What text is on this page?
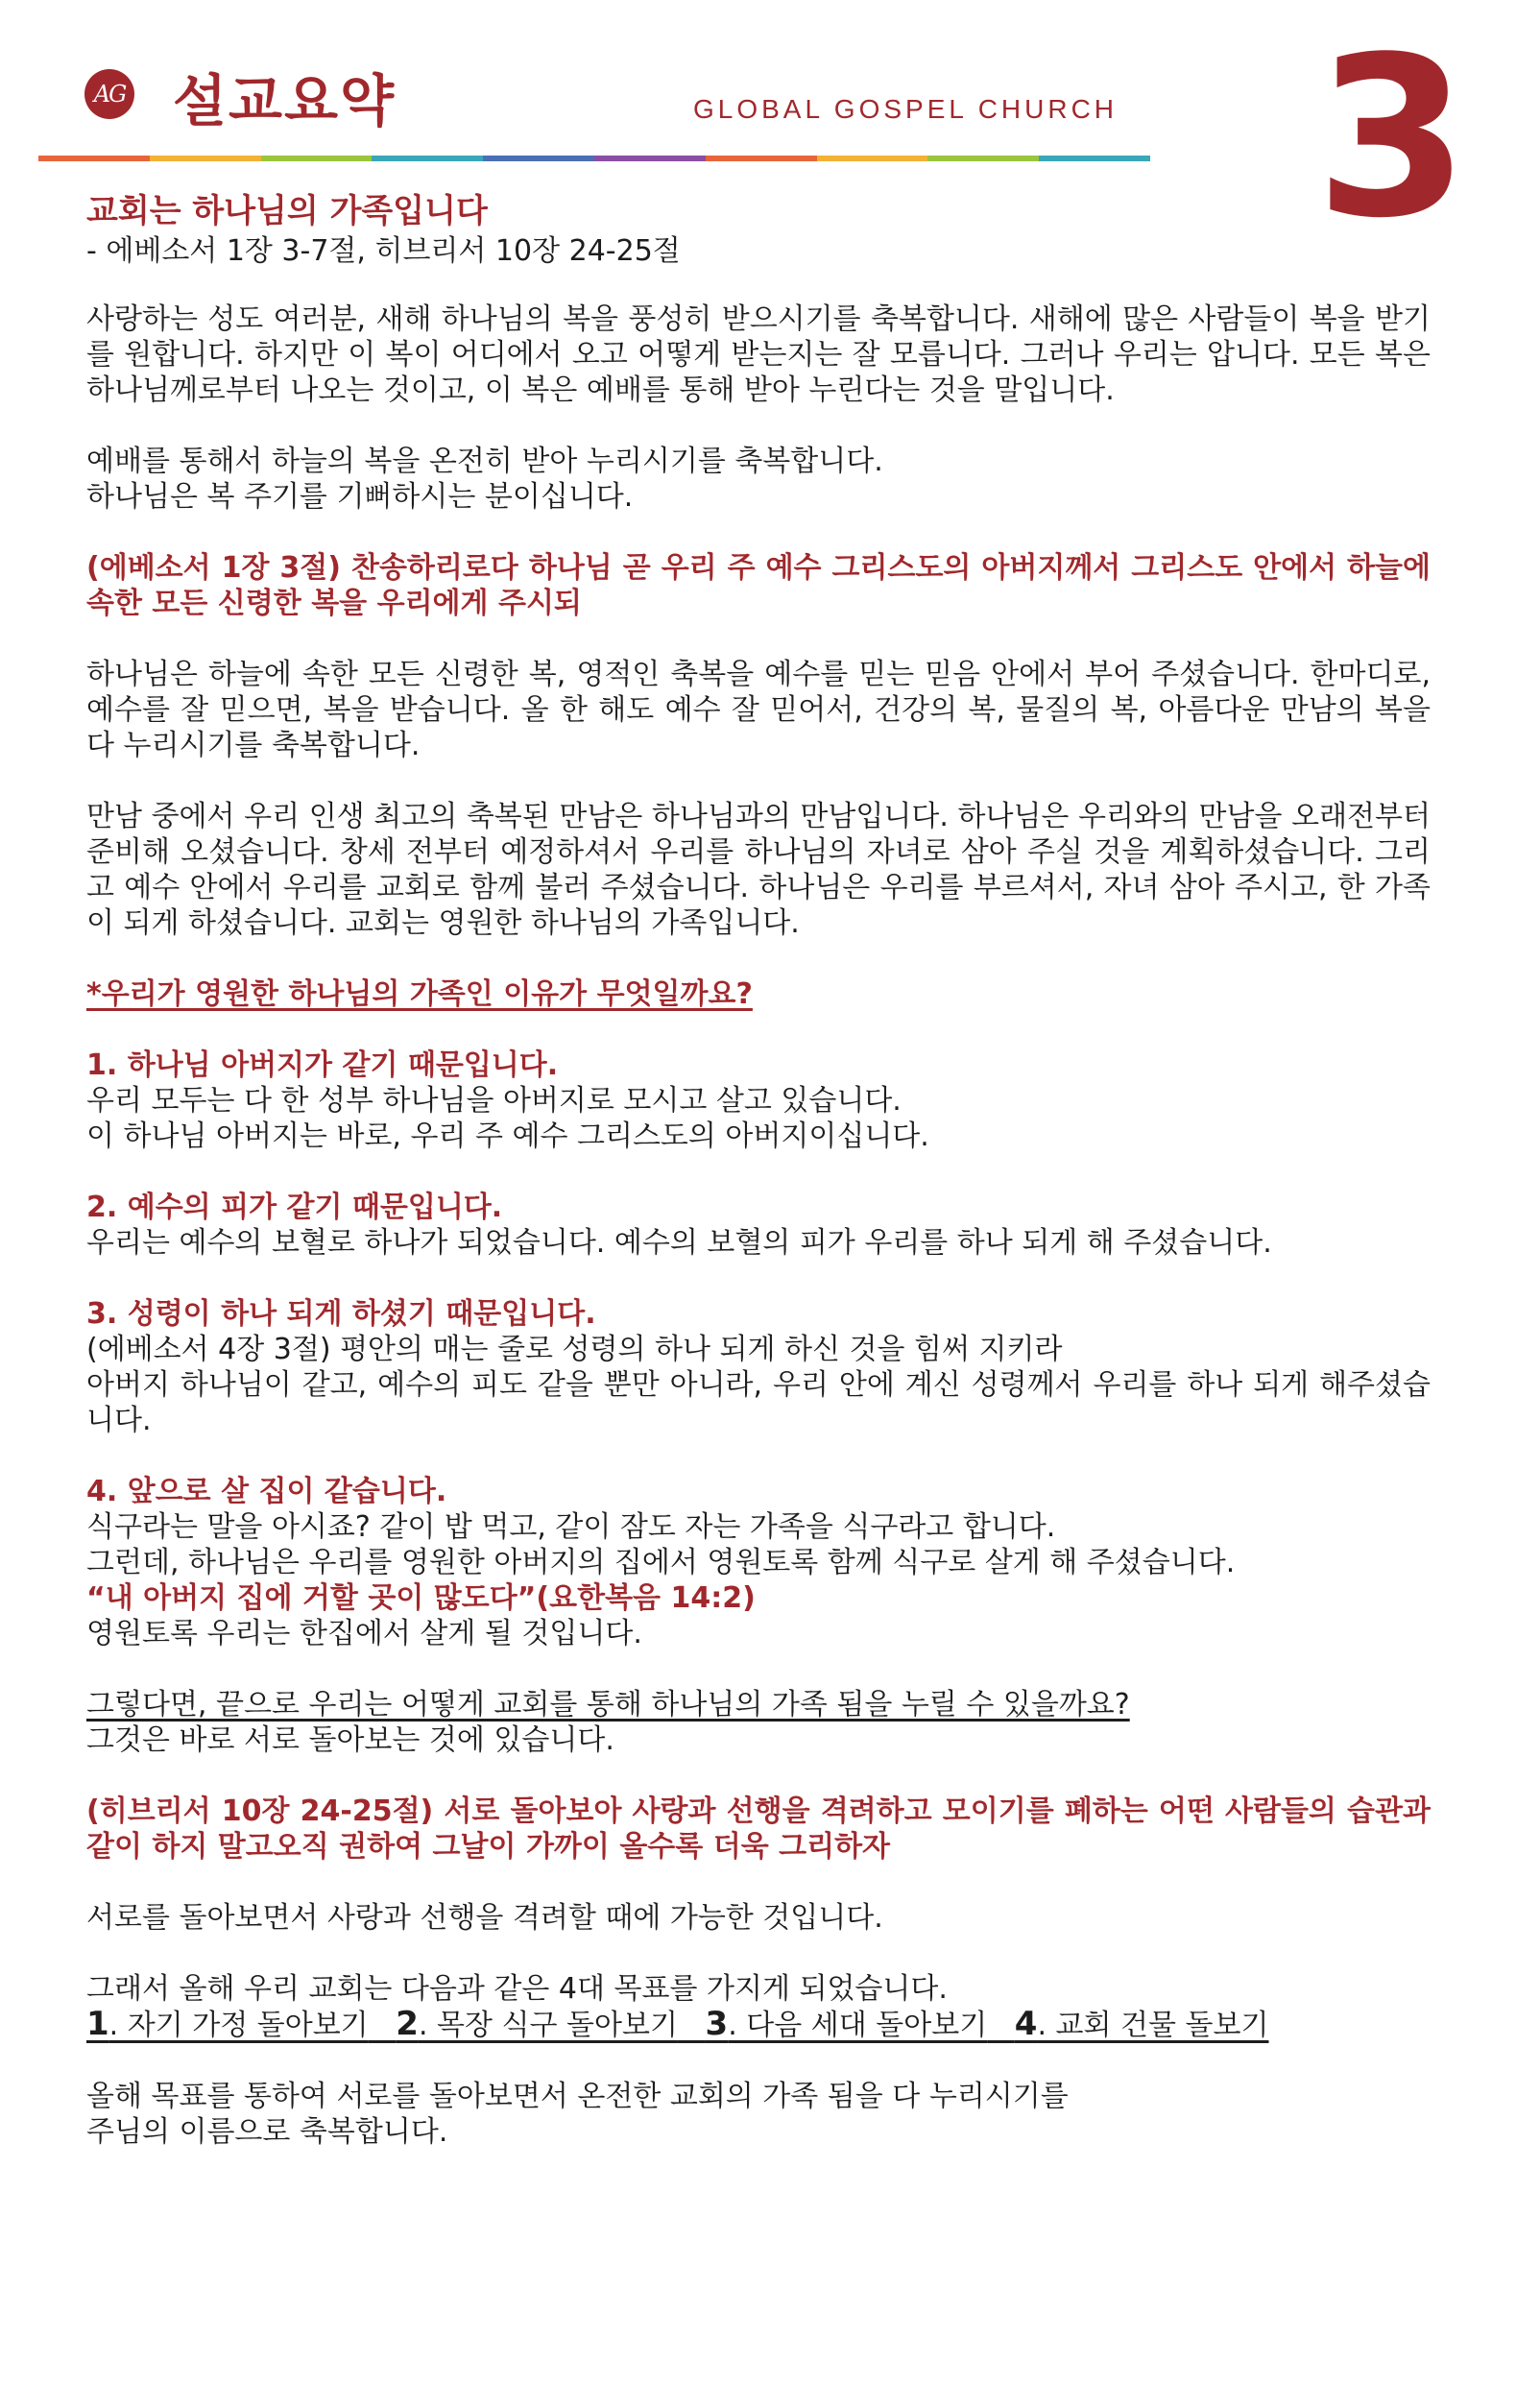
AG 설교요약	GLOBAL GOSPEL CHURCH 3
교회는 하나님의 가족입니다
- 에베소서 1장 3-7절, 히브리서 10장 24-25절

사랑하는 성도 여러분, 새해 하나님의 복을 풍성히 받으시기를 축복합니다. 새해에 많은 사람들이 복을 받기를 원합니다. 하지만 이 복이 어디에서 오고 어떻게 받는지는 잘 모릅니다. 그러나 우리는 압니다. 모든 복은 하나님께로부터 나오는 것이고, 이 복은 예배를 통해 받아 누린다는 것을 말입니다.

예배를 통해서 하늘의 복을 온전히 받아 누리시기를 축복합니다.

하나님은 복 주기를 기뻐하시는 분이십니다.

(에베소서 1장 3절) 찬송하리로다 하나님 곧 우리 주 예수 그리스도의 아버지께서 그리스도 안에서 하늘에 속한 모든 신령한 복을 우리에게 주시되

하나님은 하늘에 속한 모든 신령한 복, 영적인 축복을 예수를 믿는 믿음 안에서 부어 주셨습니다. 한마디로, 예수를 잘 믿으면, 복을 받습니다. 올 한 해도 예수 잘 믿어서, 건강의 복, 물질의 복, 아름다운 만남의 복을 다 누리시기를 축복합니다.

만남 중에서 우리 인생 최고의 축복된 만남은 하나님과의 만남입니다. 하나님은 우리와의 만남을 오래전부터 준비해 오셨습니다. 창세 전부터 예정하셔서 우리를 하나님의 자녀로 삼아 주실 것을 계획하셨습니다. 그리고 예수 안에서 우리를 교회로 함께 불러 주셨습니다. 하나님은 우리를 부르셔서, 자녀 삼아 주시고, 한 가족이 되게 하셨습니다. 교회는 영원한 하나님의 가족입니다.

*우리가 영원한 하나님의 가족인 이유가 무엇일까요?

1. 하나님 아버지가 같기 때문입니다.

우리 모두는 다 한 성부 하나님을 아버지로 모시고 살고 있습니다.

이 하나님 아버지는 바로, 우리 주 예수 그리스도의 아버지이십니다.

2. 예수의 피가 같기 때문입니다.

우리는 예수의 보혈로 하나가 되었습니다. 예수의 보혈의 피가 우리를 하나 되게 해 주셨습니다.

3. 성령이 하나 되게 하셨기 때문입니다.

(에베소서 4장 3절) 평안의 매는 줄로 성령의 하나 되게 하신 것을 힘써 지키라

아버지 하나님이 같고, 예수의 피도 같을 뿐만 아니라, 우리 안에 계신 성령께서 우리를 하나 되게 해주셨습니다.

4. 앞으로 살 집이 같습니다.

식구라는 말을 아시죠? 같이 밥 먹고, 같이 잠도 자는 가족을 식구라고 합니다.

그런데, 하나님은 우리를 영원한 아버지의 집에서 영원토록 함께 식구로 살게 해 주셨습니다.

“내 아버지 집에 거할 곳이 많도다”(요한복음 14:2)

영원토록 우리는 한집에서 살게 될 것입니다.

그렇다면, 끝으로 우리는 어떻게 교회를 통해 하나님의 가족 됨을 누릴 수 있을까요?

그것은 바로 서로 돌아보는 것에 있습니다.

(히브리서 10장 24-25절) 서로 돌아보아 사랑과 선행을 격려하고 모이기를 폐하는 어떤 사람들의 습관과 같이 하지 말고오직 권하여 그날이 가까이 올수록 더욱 그리하자

서로를 돌아보면서 사랑과 선행을 격려할 때에 가능한 것입니다.

그래서 올해 우리 교회는 다음과 같은 4대 목표를 가지게 되었습니다.

1. 자기 가정 돌아보기 2. 목장 식구 돌아보기 3. 다음 세대 돌아보기 4. 교회 건물 돌보기

올해 목표를 통하여 서로를 돌아보면서 온전한 교회의 가족 됨을 다 누리시기를

주님의 이름으로 축복합니다.
